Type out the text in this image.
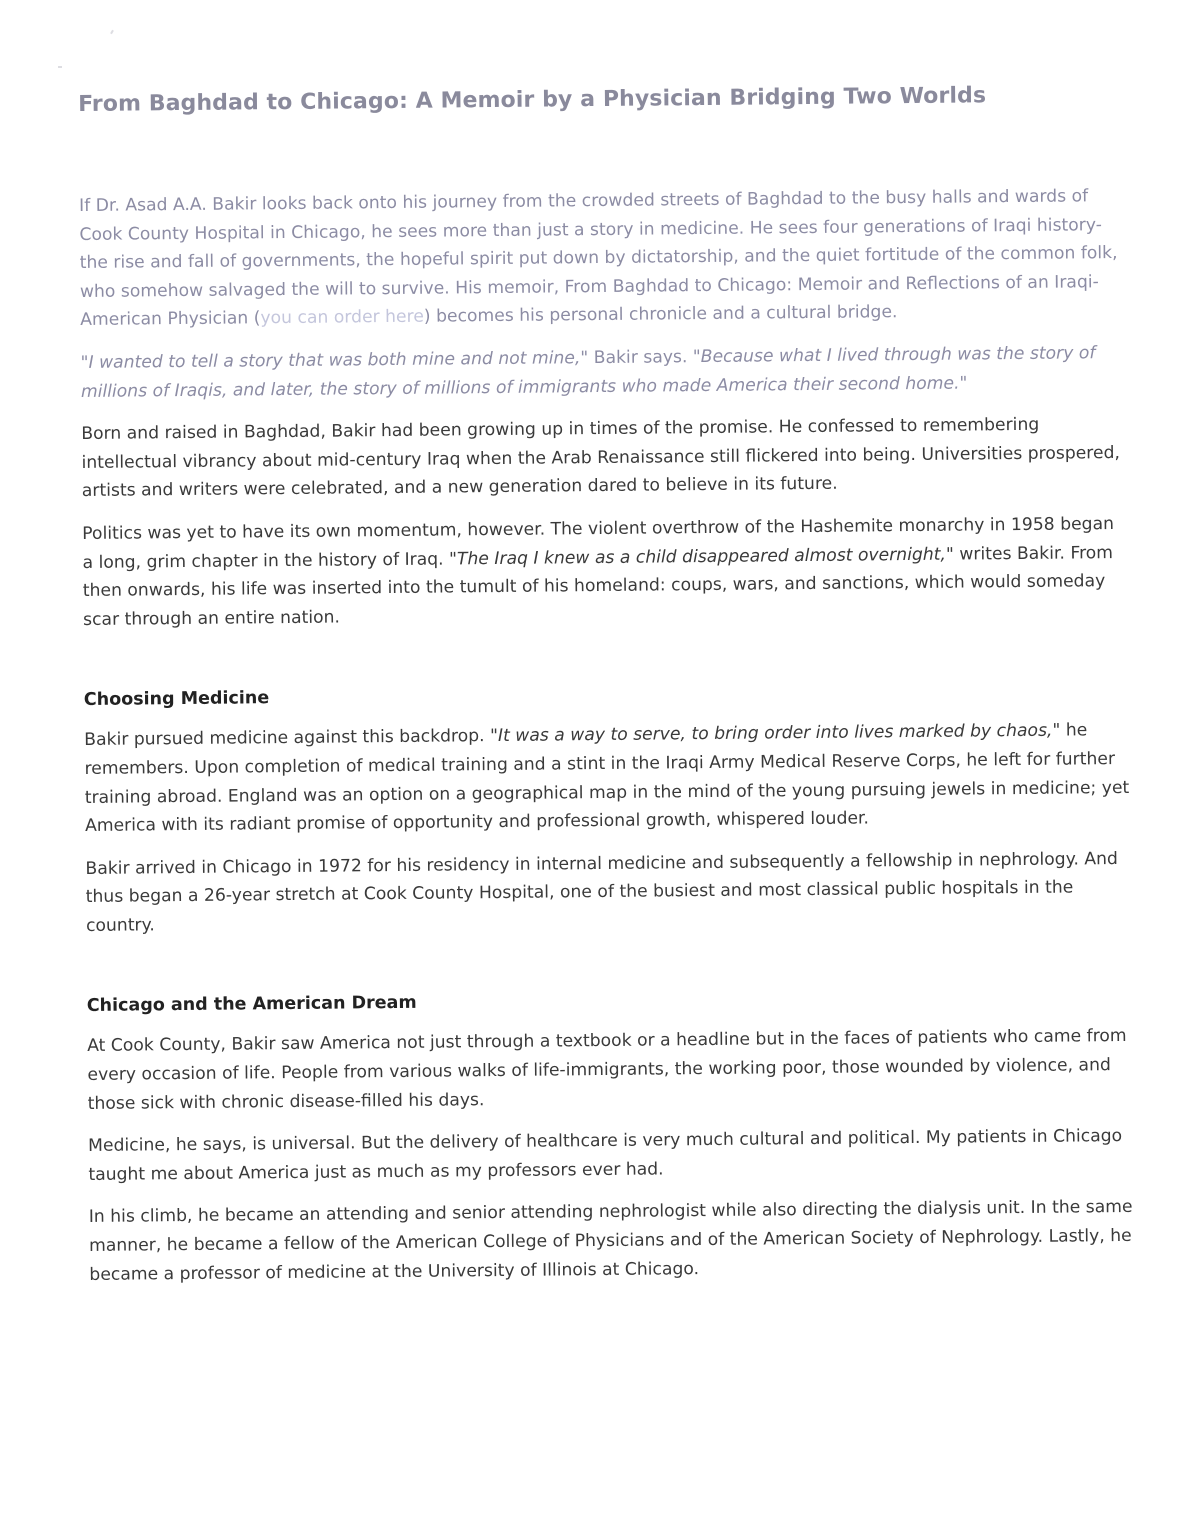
From Baghdad to Chicago: A Memoir by a Physician Bridging Two Worlds

If Dr. Asad A.A. Bakir looks back onto his journey from the crowded streets of Baghdad to the busy halls and wards of Cook County Hospital in Chicago, he sees more than just a story in medicine. He sees four generations of Iraqi history-the rise and fall of governments, the hopeful spirit put down by dictatorship, and the quiet fortitude of the common folk, who somehow salvaged the will to survive. His memoir, From Baghdad to Chicago: Memoir and Reflections of an Iraqi-American Physician (you can order here) becomes his personal chronicle and a cultural bridge.

"I wanted to tell a story that was both mine and not mine," Bakir says. "Because what I lived through was the story of millions of Iraqis, and later, the story of millions of immigrants who made America their second home."

Born and raised in Baghdad, Bakir had been growing up in times of the promise. He confessed to remembering intellectual vibrancy about mid-century Iraq when the Arab Renaissance still flickered into being. Universities prospered, artists and writers were celebrated, and a new generation dared to believe in its future.

Politics was yet to have its own momentum, however. The violent overthrow of the Hashemite monarchy in 1958 began a long, grim chapter in the history of Iraq. "The Iraq I knew as a child disappeared almost overnight," writes Bakir. From then onwards, his life was inserted into the tumult of his homeland: coups, wars, and sanctions, which would someday scar through an entire nation.

Choosing Medicine

Bakir pursued medicine against this backdrop. "It was a way to serve, to bring order into lives marked by chaos," he remembers. Upon completion of medical training and a stint in the Iraqi Army Medical Reserve Corps, he left for further training abroad. England was an option on a geographical map in the mind of the young pursuing jewels in medicine; yet America with its radiant promise of opportunity and professional growth, whispered louder.

Bakir arrived in Chicago in 1972 for his residency in internal medicine and subsequently a fellowship in nephrology. And thus began a 26-year stretch at Cook County Hospital, one of the busiest and most classical public hospitals in the country.

Chicago and the American Dream

At Cook County, Bakir saw America not just through a textbook or a headline but in the faces of patients who came from every occasion of life. People from various walks of life-immigrants, the working poor, those wounded by violence, and those sick with chronic disease-filled his days.

Medicine, he says, is universal. But the delivery of healthcare is very much cultural and political. My patients in Chicago taught me about America just as much as my professors ever had.

In his climb, he became an attending and senior attending nephrologist while also directing the dialysis unit. In the same manner, he became a fellow of the American College of Physicians and of the American Society of Nephrology. Lastly, he became a professor of medicine at the University of Illinois at Chicago.
